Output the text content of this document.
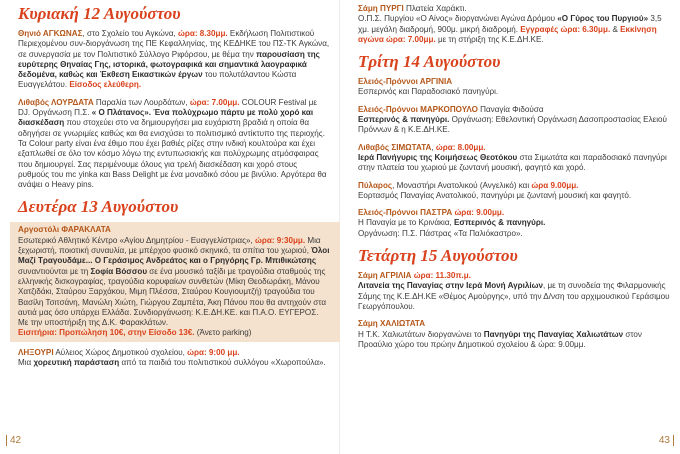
Κυριακή 12 Αυγούστου

Θηνιό ΑΓΚΩΝΑΣ, στο Σχολείο του Αγκώνα, ώρα: 8.30μμ. Εκδήλωση Πολιτιστικού Περιεχομένου συν-διοργάνωση της ΠΕ Κεφαλληνίας, της ΚΕΔΗΚΕ του ΠΣ-ΤΚ Αγκώνα, σε συνεργασία με τον Πολιτιστικό Σύλλογο Ριφόρσου, με θέμα την παρουσίαση της ευρύτερης Θηναίας Γης, ιστορικά, φωτογραφικά και σημαντικά λαογραφικά δεδομένα, καθώς και Έκθεση Εικαστικών έργων του πολυτάλαντου Κώστα Ευαγγελάτου. Είσοδος ελεύθερη.

Λιθαβός ΛΟΥΡΔΑΤΑ Παραλία των Λουρδάτων, ώρα: 7.00μμ. COLOUR Festival με DJ. Οργάνωση Π.Σ. « Ο Πλάτανος». Ένα πολύχρωμο πάρτυ με πολύ χορό και διασκέδαση που στοχεύει στο να δημιουργήσει μια ευχάριστη βραδιά η οποία θα οδηγήσει σε γνωριμίες καθώς και θα ενισχύσει το πολιτισμικό αντίκτυπο της περιοχής. Τα Colour party είναι ένα έθιμο που έχει βαθιές ρίζες στην ινδική κουλτούρα και έχει εξαπλωθεί σε όλο τον κόσμο λόγω της εντυπωσιακής και πολύχρωμης ατμόσφαιρας που δημιουργεί. Σας περιμένουμε όλους για τρελή διασκέδαση και χορό στους ρυθμούς του mc yinka και Bass Delight με ένα μοναδικό σόου με βινύλιο. Αργότερα θα ανάψει ο Heavy pins.

Δευτέρα 13 Αυγούστου

Αργοστόλι ΦΑΡΑΚΛΑΤΑ

Εσωτερικό Αθλητικό Κέντρο «Αγίου Δημητρίου - Ευαγγελίστριας», ώρα: 9:30μμ. Μια ξεχωριστή, ποιοτική συναυλία, με μπέρχοο φυσικό σκηνικό, τα σπίτια του χωριού, Όλοι Μαζί Τραγουδάμε... Ο Γεράσιμος Ανδρεάτος και ο Γρηγόρης Γρ. Μπιθικώτσης συναντιούνται με τη Σοφία Βόσσου σε ένα μουσικό ταξίδι με τραγούδια σταθμούς της ελληνικής δισκογραφίας, τραγούδια κορυφαίων συνθετών (Μίκη Θεοδωράκη, Μάνου Χατζιδάκι, Σταύρου Ξαρχάκου, Μιμη Πλέσσα, Σταύρου Κουγιουμτζή) τραγούδια του Βασίλη Τσιτσάνη, Μανώλη Χιώτη, Γιώργου Ζαμπέτα, Άκη Πάνου που θα αντηχούν στα αυτιά μας όσο υπάρχει Ελλάδα. Συνδιοργάνωση: Κ.Ε.ΔΗ.ΚΕ. και Π.Α.Ο. ΕΥΓΕΡΟΣ. Με την υποστήριξη της Δ.Κ. Φαρακλάτων.

Εισιτήρια: Προπώληση 10€, στην Είσοδο 13€. (Άνετο parking)

ΛΗΞΟΥΡΙ Αύλειος Χώρος Δημοτικού σχολείου, ώρα: 9:00 μμ.

Μια χορευτική παράσταση από τα παιδιά του πολιτιστικού συλλόγου «Χωροπούλα».

42

Σάμη ΠΥΡΓΙ Πλατεία Χαράκτι.

Ο.Π.Σ. Πυργίου «Ο Αίνος» διοργανώνει Αγώνα Δρόμου «Ο Γύρος του Πυργιού» 3,5 χμ. μεγάλη διαδρομή, 900μ. μικρή διαδρομή. Εγγραφές ώρα: 6.30μμ. & Εκκίνηση αγώνα ώρα: 7.00μμ. με τη στήριξη της Κ.Ε.ΔΗ.ΚΕ.

Τρίτη 14 Αυγούστου

Ελειός-Πρόννοι ΑΡΓΙΝΙΑ

Εσπερινός και Παραδοσιακό πανηγύρι.

Ελειός-Πρόννοι ΜΑΡΚΟΠΟΥΛΟ Παναγία Φιδούσα

Εσπερινός & πανηγύρι. Οργάνωση: Εθελοντική Οργάνωση Δασοπροστασίας Ελειού Πρόννων & η Κ.Ε.ΔΗ.ΚΕ.

Λιθαβός ΣΙΜΩΤΑΤΑ, ώρα: 8.00μμ.

Ιερά Πανήγυρις της Κοιμήσεως Θεοτόκου στα Σιμωτάτα και παραδοσιακό πανηγύρι στην πλατεία του χωριού με ζωντανή μουσική, φαγητό και χορό.

Πύλαρος, Μοναστήρι Ανατολικού (Ανγελικό) και ώρα 9.00μμ.

Εορτασμός Παναγίας Ανατολικού, πανηγύρι με ζωντανή μουσική και φαγητό.

Ελειός-Πρόννοι ΠΑΣΤΡΑ ώρα: 9.00μμ.

Η Παναγία με το Κρινάκια, Εσπερινός & πανηγύρι.

Οργάνωση: Π.Σ. Πάστρας «Τα Παλιόκαστρο».

Τετάρτη 15 Αυγούστου

Σάμη ΑΓΡΙΛΙΑ ώρα: 11.30π.μ.

Λιτανεία της Παναγίας στην Ιερά Μονή Αγριλίων, με τη συνοδεία της Φιλαρμονικής Σάμης της Κ.Ε.ΔΗ.ΚΕ «Θέμος Αμούργης», υπό την Δ/νση του αρχιμουσικού Γεράσιμου Γεωργόπουλου.

Σάμη ΧΑΛΙΩΤΑΤΑ

Η Τ.Κ. Χαλιωτάτων διοργανώνει το Πανηγύρι της Παναγίας Χαλιωτάτων στον Προαύλιο χώρο του πρώην Δημοτικού σχολείου & ώρα: 9.00μμ.

43
